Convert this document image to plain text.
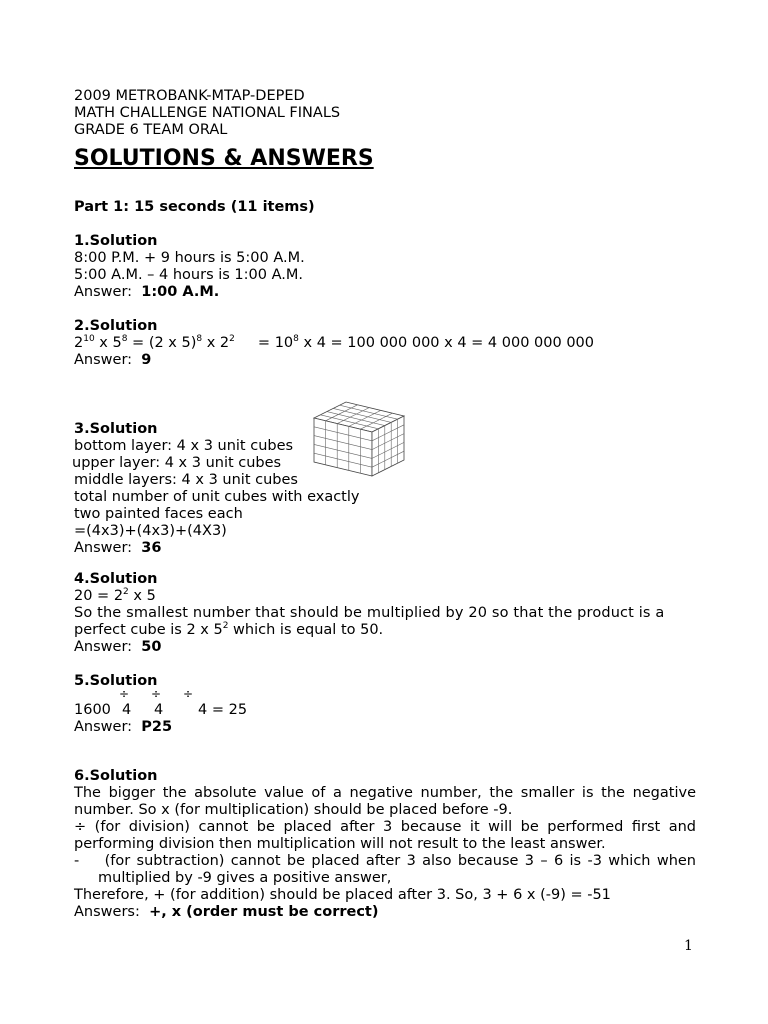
2009 METROBANK-MTAP-DEPED
MATH CHALLENGE NATIONAL FINALS
GRADE 6 TEAM ORAL
SOLUTIONS & ANSWERS
Part 1: 15 seconds (11 items)
1.Solution
8:00 P.M. + 9 hours is 5:00 A.M.
5:00 A.M. – 4 hours is 1:00 A.M.
Answer: 1:00 A.M.
2.Solution
$2^{10}$ x $5^8 = (2$ x 5)$^8$ x $2^2$     = $10^8$ x 4 = 100 000 000 x 4 = 4 000 000 000
Answer: 9
3.Solution
bottom layer: 4 x 3 unit cubes
upper layer: 4 x 3 unit cubes
middle layers: 4 x 3 unit cubes
total number of unit cubes with exactly
two painted faces each
=(4x3)+(4x3)+(4X3)
Answer: 36
4.Solution
$20 = 2^2$ x 5
So the smallest number that should be multiplied by 20 so that the product is a
perfect cube is 2 x $5^2$ which is equal to 50.
Answer: 50
5.Solution
1600
÷
4
÷
4
÷
4 = 25
Answer: P25
6.Solution
The bigger the absolute value of a negative number, the smaller is the negative number. So x (for multiplication) should be placed before -9.
÷ (for division) cannot be placed after 3 because it will be performed first and performing division then multiplication will not result to the least answer.
-    (for subtraction) cannot be placed after 3 also because 3 – 6 is -3 which when multiplied by -9 gives a positive answer,
Therefore, + (for addition) should be placed after 3. So, 3 + 6 x (-9) = -51
Answers: +, x (order must be correct)
1
